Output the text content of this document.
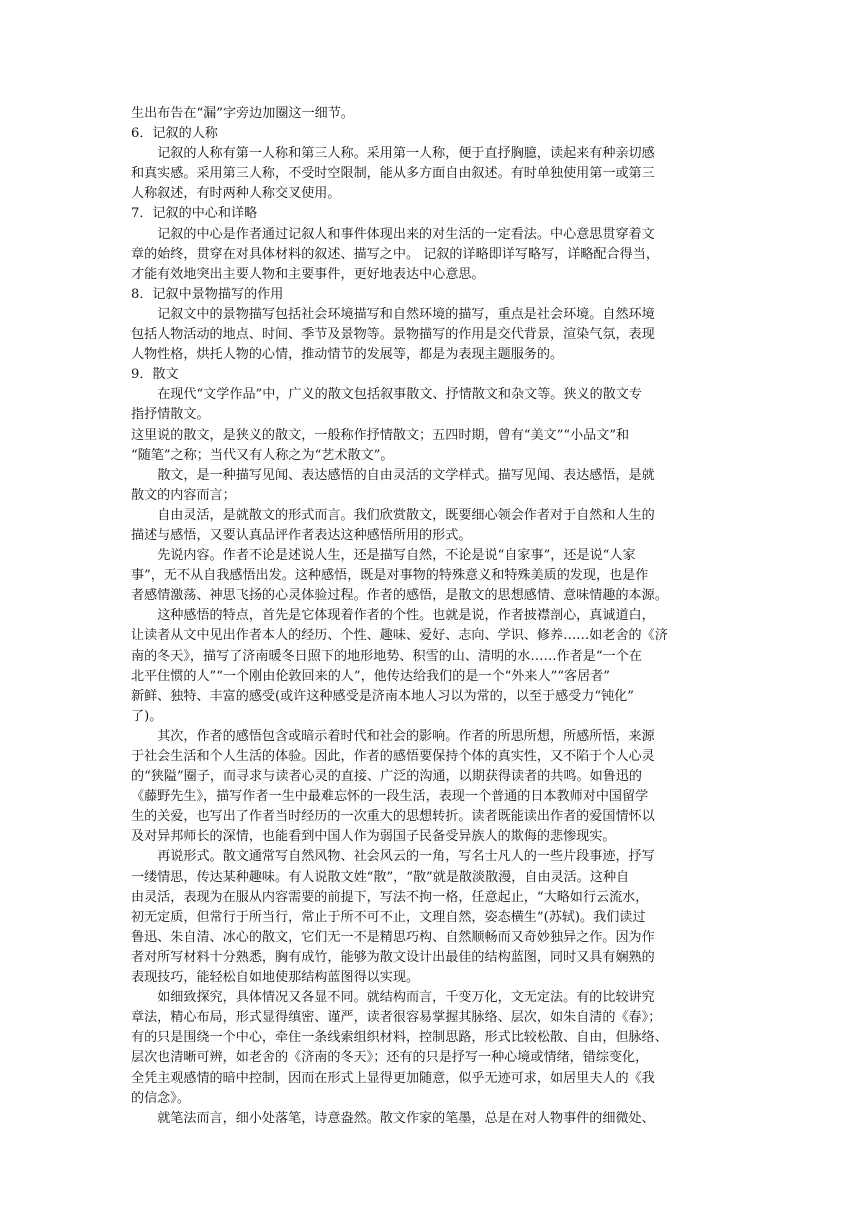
生出布告在“漏”字旁边加圈这一细节。
6．记叙的人称
记叙的人称有第一人称和第三人称。采用第一人称，便于直抒胸臆，读起来有种亲切感
和真实感。采用第三人称，不受时空限制，能从多方面自由叙述。有时单独使用第一或第三
人称叙述，有时两种人称交叉使用。
7．记叙的中心和详略
记叙的中心是作者通过记叙人和事件体现出来的对生活的一定看法。中心意思贯穿着文
章的始终，贯穿在对具体材料的叙述、描写之中。 记叙的详略即详写略写，详略配合得当，
才能有效地突出主要人物和主要事件，更好地表达中心意思。
8．记叙中景物描写的作用
记叙文中的景物描写包括社会环境描写和自然环境的描写，重点是社会环境。自然环境
包括人物活动的地点、时间、季节及景物等。景物描写的作用是交代背景，渲染气氛，表现
人物性格，烘托人物的心情，推动情节的发展等，都是为表现主题服务的。
9．散文
在现代“文学作品”中，广义的散文包括叙事散文、抒情散文和杂文等。狭义的散文专
指抒情散文。
这里说的散文，是狭义的散文，一般称作抒情散文；五四时期，曾有“美文”“小品文”和
“随笔”之称；当代又有人称之为“艺术散文”。
散文，是一种描写见闻、表达感悟的自由灵活的文学样式。描写见闻、表达感悟，是就
散文的内容而言；
自由灵活，是就散文的形式而言。我们欣赏散文，既要细心领会作者对于自然和人生的
描述与感悟，又要认真品评作者表达这种感悟所用的形式。
先说内容。作者不论是述说人生，还是描写自然，不论是说“自家事”，还是说“人家
事”，无不从自我感悟出发。这种感悟，既是对事物的特殊意义和特殊美质的发现，也是作
者感情激荡、神思飞扬的心灵体验过程。作者的感悟，是散文的思想感情、意味情趣的本源。
这种感悟的特点，首先是它体现着作者的个性。也就是说，作者披襟剖心，真诚道白，
让读者从文中见出作者本人的经历、个性、趣味、爱好、志向、学识、修养……如老舍的《济
南的冬天》，描写了济南暖冬日照下的地形地势、积雪的山、清明的水……作者是“一个在
北平住惯的人”“一个刚由伦敦回来的人”，他传达给我们的是一个“外来人”“客居者”
新鲜、独特、丰富的感受(或许这种感受是济南本地人习以为常的，以至于感受力“钝化”
了)。
其次，作者的感悟包含或暗示着时代和社会的影响。作者的所思所想，所感所悟，来源
于社会生活和个人生活的体验。因此，作者的感悟要保持个体的真实性，又不陷于个人心灵
的“狭隘”圈子，而寻求与读者心灵的直接、广泛的沟通，以期获得读者的共鸣。如鲁迅的
《藤野先生》，描写作者一生中最难忘怀的一段生活，表现一个普通的日本教师对中国留学
生的关爱，也写出了作者当时经历的一次重大的思想转折。读者既能读出作者的爱国情怀以
及对异邦师长的深情，也能看到中国人作为弱国子民备受异族人的欺侮的悲惨现实。
再说形式。散文通常写自然风物、社会风云的一角，写名士凡人的一些片段事迹，抒写
一缕情思，传达某种趣味。有人说散文姓“散”，“散”就是散淡散漫，自由灵活。这种自
由灵活，表现为在服从内容需要的前提下，写法不拘一格，任意起止，“大略如行云流水，
初无定质，但常行于所当行，常止于所不可不止，文理自然，姿态横生”(苏轼)。我们读过
鲁迅、朱自清、冰心的散文，它们无一不是精思巧构、自然顺畅而又奇妙独异之作。因为作
者对所写材料十分熟悉，胸有成竹，能够为散文设计出最佳的结构蓝图，同时又具有娴熟的
表现技巧，能轻松自如地使那结构蓝图得以实现。
如细致探究，具体情况又各显不同。就结构而言，千变万化，文无定法。有的比较讲究
章法，精心布局，形式显得缜密、谨严，读者很容易掌握其脉络、层次，如朱自清的《春》；
有的只是围绕一个中心，牵住一条线索组织材料，控制思路，形式比较松散、自由，但脉络、
层次也清晰可辨，如老舍的《济南的冬天》；还有的只是抒写一种心境或情绪，错综变化，
全凭主观感情的暗中控制，因而在形式上显得更加随意，似乎无迹可求，如居里夫人的《我
的信念》。
就笔法而言，细小处落笔，诗意盎然。散文作家的笔墨，总是在对人物事件的细微处、
